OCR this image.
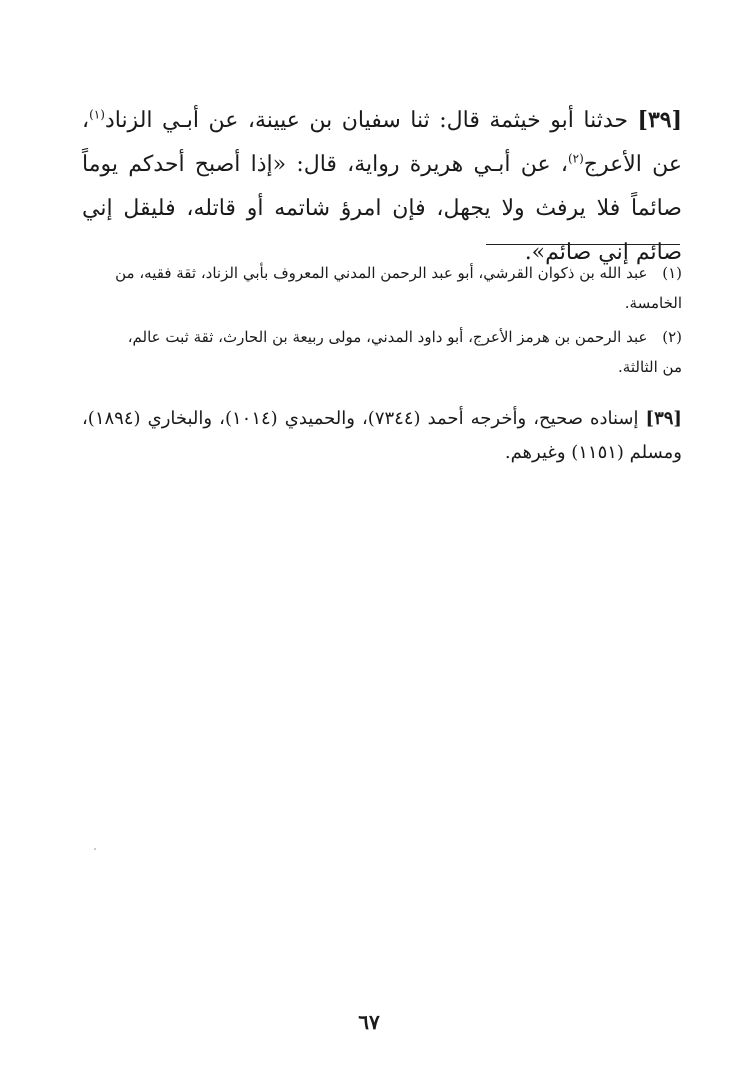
[٣٩] حدثنا أبو خيثمة قال: ثنا سفيان بن عيينة، عن أبـي الزناد$^{(١)}$، عن الأعرج$^{(٢)}$، عن أبـي هريرة رواية، قال: «إذا أصبح أحدكم يوماً صائماً فلا يرفث ولا يجهل، فإن امرؤ شاتمه أو قاتله، فليقل إني صائم إني صائم».
(١) عبد الله بن ذكوان القرشي، أبو عبد الرحمن المدني المعروف بأبي الزناد، ثقة فقيه، من
الخامسة.
(٢) عبد الرحمن بن هرمز الأعرج، أبو داود المدني، مولى ربيعة بن الحارث، ثقة ثبت عالم،
من الثالثة.
[٣٩] إسناده صحيح، وأخرجه أحمد (٧٣٤٤)، والحميدي (١٠١٤)، والبخاري (١٨٩٤)، ومسلم (١١٥١) وغيرهم.
٦٧
